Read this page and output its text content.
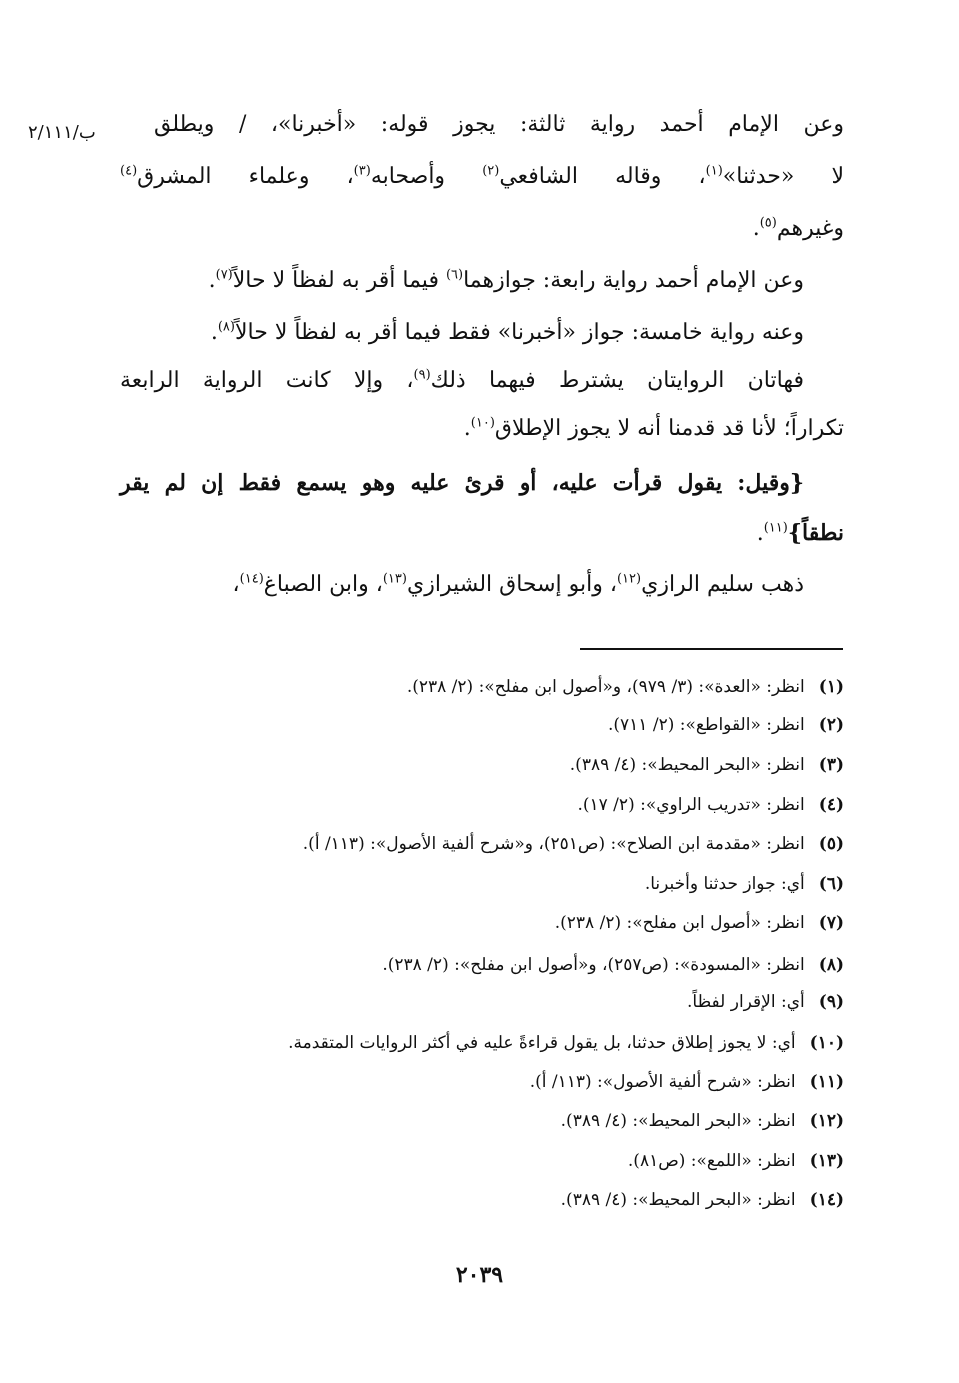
ب/٢/١١١	وعن الإمام أحمد رواية ثالثة: يجوز قوله: «أخبرنا»، / ويطلق
لا «حدثنا»$^{(١)}$، وقاله الشافعي$^{(٢)}$ وأصحابه$^{(٣)}$، وعلماء المشرق$^{(٤)}$
وغيرهم$^{(٥)}$.
وعن الإمام أحمد رواية رابعة: جوازهما$^{(٦)}$ فيما أقر به لفظاً لا حالاً$^{(٧)}$.
وعنه رواية خامسة: جواز «أخبرنا» فقط فيما أقر به لفظاً لا حالاً$^{(٨)}$.
فهاتان الروايتان يشترط فيهما ذلك$^{(٩)}$، وإلا كانت الرواية الرابعة
تكراراً؛ لأنا قد قدمنا أنه لا يجوز الإطلاق$^{(١٠)}$.
{وقيل: يقول قرأت عليه، أو قرئ عليه وهو يسمع فقط إن لم يقر
نطقاً}$^{(١١)}$.
ذهب سليم الرازي$^{(١٢)}$، وأبو إسحاق الشيرازي$^{(١٣)}$، وابن الصباغ$^{(١٤)}$،
(١)انظر: «العدة»: (٣/ ٩٧٩)، و«أصول ابن مفلح»: (٢/ ٢٣٨).
(٢)انظر: «القواطع»: (٢/ ٧١١).
(٣)انظر: «البحر المحيط»: (٤/ ٣٨٩).
(٤)انظر: «تدريب الراوي»: (٢/ ١٧).
(٥)انظر: «مقدمة ابن الصلاح»: (ص٢٥١)، و«شرح ألفية الأصول»: (١١٣/ أ).
(٦)أي: جواز حدثنا وأخبرنا.
(٧)انظر: «أصول ابن مفلح»: (٢/ ٢٣٨).
(٨)انظر: «المسودة»: (ص٢٥٧)، و«أصول ابن مفلح»: (٢/ ٢٣٨).
(٩)أي: الإقرار لفظاً.
(١٠)أي: لا يجوز إطلاق حدثنا، بل يقول قراءةً عليه في أكثر الروايات المتقدمة.
(١١)انظر: «شرح ألفية الأصول»: (١١٣/ أ).
(١٢)انظر: «البحر المحيط»: (٤/ ٣٨٩).
(١٣)انظر: «اللمع»: (ص٨١).
(١٤)انظر: «البحر المحيط»: (٤/ ٣٨٩).
٢٠٣٩
